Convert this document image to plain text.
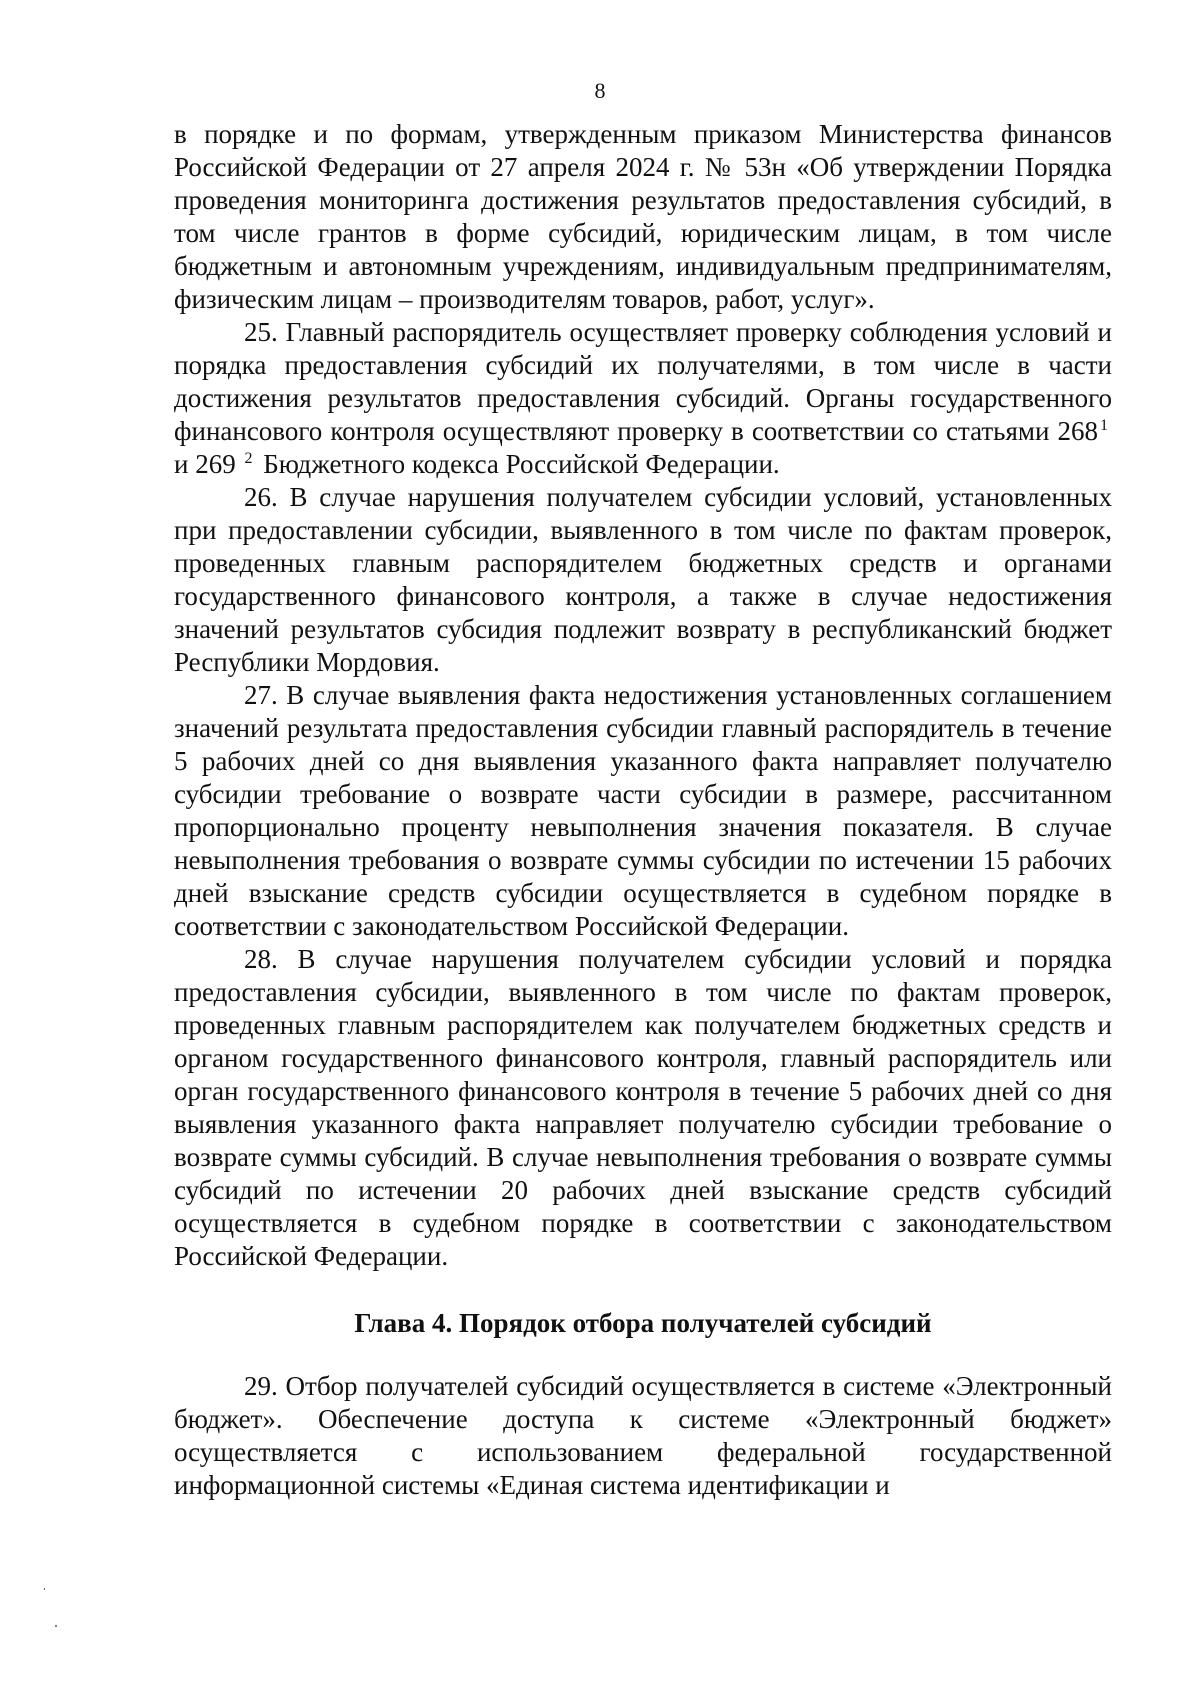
8

в порядке и по формам, утвержденным приказом Министерства финансов Российской Федерации от 27 апреля 2024 г. № 53н «Об утверждении Порядка проведения мониторинга достижения результатов предоставления субсидий, в том числе грантов в форме субсидий, юридическим лицам, в том числе бюджетным и автономным учреждениям, индивидуальным предпринимателям, физическим лицам – производителям товаров, работ, услуг».

25. Главный распорядитель осуществляет проверку соблюдения условий и порядка предоставления субсидий их получателями, в том числе в части достижения результатов предоставления субсидий. Органы государственного финансового контроля осуществляют проверку в соответствии со статьями 268 $^1$ и 269 $^2$ Бюджетного кодекса Российской Федерации.

26. В случае нарушения получателем субсидии условий, установленных при предоставлении субсидии, выявленного в том числе по фактам проверок, проведенных главным распорядителем бюджетных средств и органами государственного финансового контроля, а также в случае недостижения значений результатов субсидия подлежит возврату в республиканский бюджет Республики Мордовия.

27. В случае выявления факта недостижения установленных соглашением значений результата предоставления субсидии главный распорядитель в течение 5 рабочих дней со дня выявления указанного факта направляет получателю субсидии требование о возврате части субсидии в размере, рассчитанном пропорционально проценту невыполнения значения показателя. В случае невыполнения требования о возврате суммы субсидии по истечении 15 рабочих дней взыскание средств субсидии осуществляется в судебном порядке в соответствии с законодательством Российской Федерации.

28. В случае нарушения получателем субсидии условий и порядка предоставления субсидии, выявленного в том числе по фактам проверок, проведенных главным распорядителем как получателем бюджетных средств и органом государственного финансового контроля, главный распорядитель или орган государственного финансового контроля в течение 5 рабочих дней со дня выявления указанного факта направляет получателю субсидии требование о возврате суммы субсидий. В случае невыполнения требования о возврате суммы субсидий по истечении 20 рабочих дней взыскание средств субсидий осуществляется в судебном порядке в соответствии с законодательством Российской Федерации.

Глава 4. Порядок отбора получателей субсидий

29. Отбор получателей субсидий осуществляется в системе «Электронный бюджет». Обеспечение доступа к системе «Электронный бюджет» осуществляется с использованием федеральной государственной информационной системы «Единая система идентификации и
